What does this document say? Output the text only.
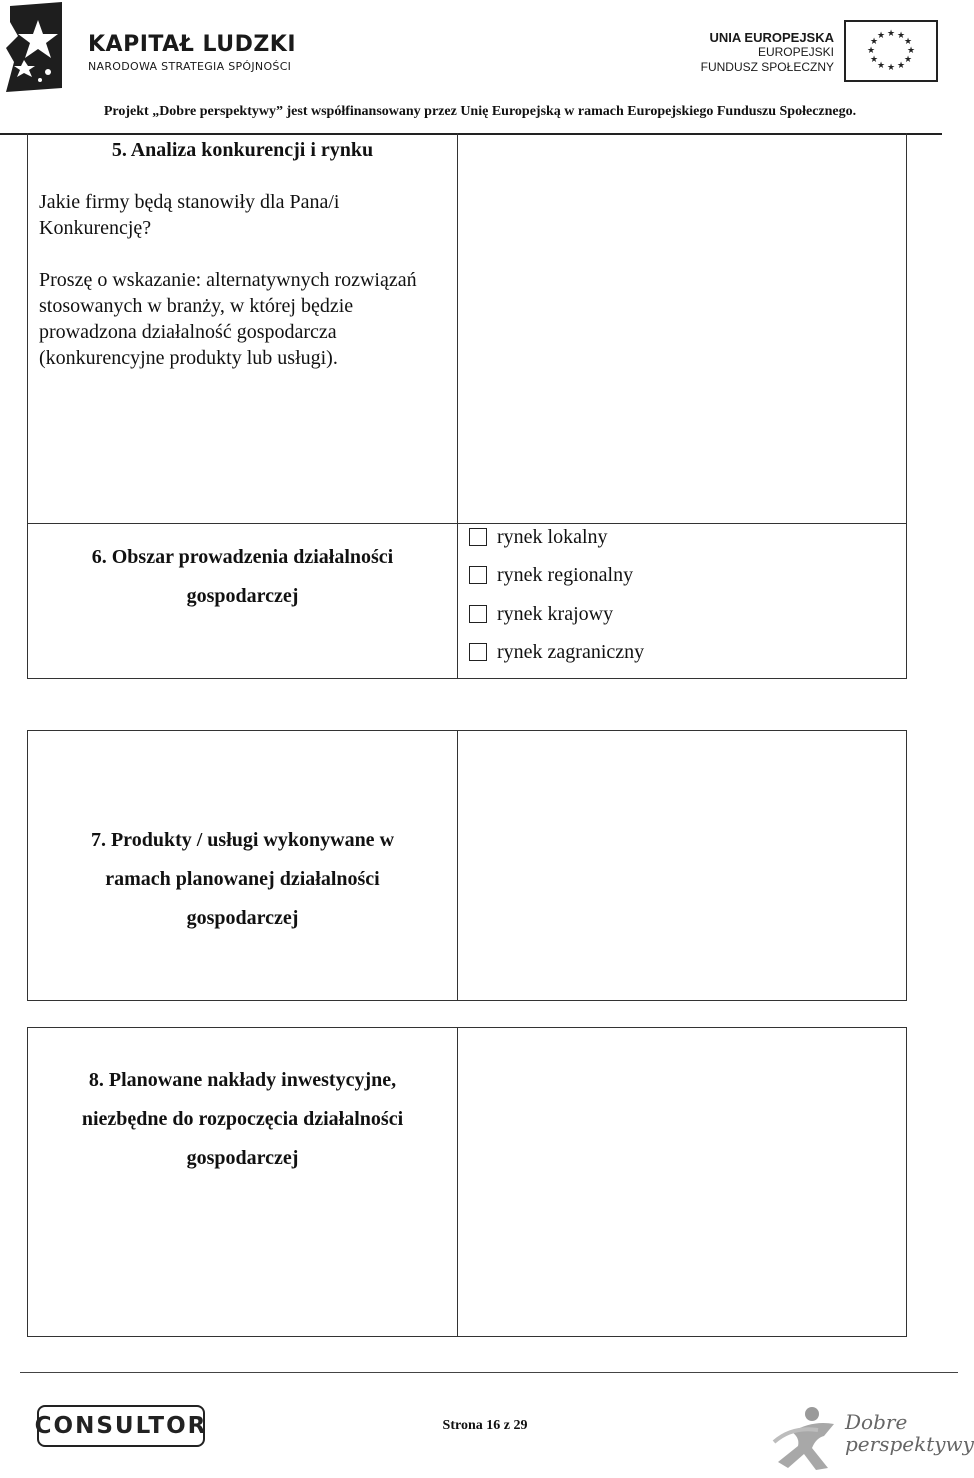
KAPITAŁ LUDZKI
NARODOWA STRATEGIA SPÓJNOŚCI
UNIA EUROPEJSKA
EUROPEJSKI
FUNDUSZ SPOŁECZNY
★ ★
★
★
★
★
★
★
★
★
★
★
Projekt „Dobre perspektywy” jest współfinansowany przez Unię Europejską w ramach Europejskiego Funduszu Społecznego.
5. Analiza konkurencji i rynku
Jakie firmy będą stanowiły dla Pana/i Konkurencję?
Proszę o wskazanie: alternatywnych rozwiązań stosowanych w branży, w której będzie prowadzona działalność gospodarcza (konkurencyjne produkty lub usługi).
6. Obszar prowadzenia działalności
gospodarczej
rynek lokalny
rynek regionalny
rynek krajowy
rynek zagraniczny
7. Produkty / usługi wykonywane w
ramach planowanej działalności
gospodarczej
8. Planowane nakłady inwestycyjne,
niezbędne do rozpoczęcia działalności
gospodarczej
CONSULTOR	Strona 16 z 29	Dobre
perspektywy
